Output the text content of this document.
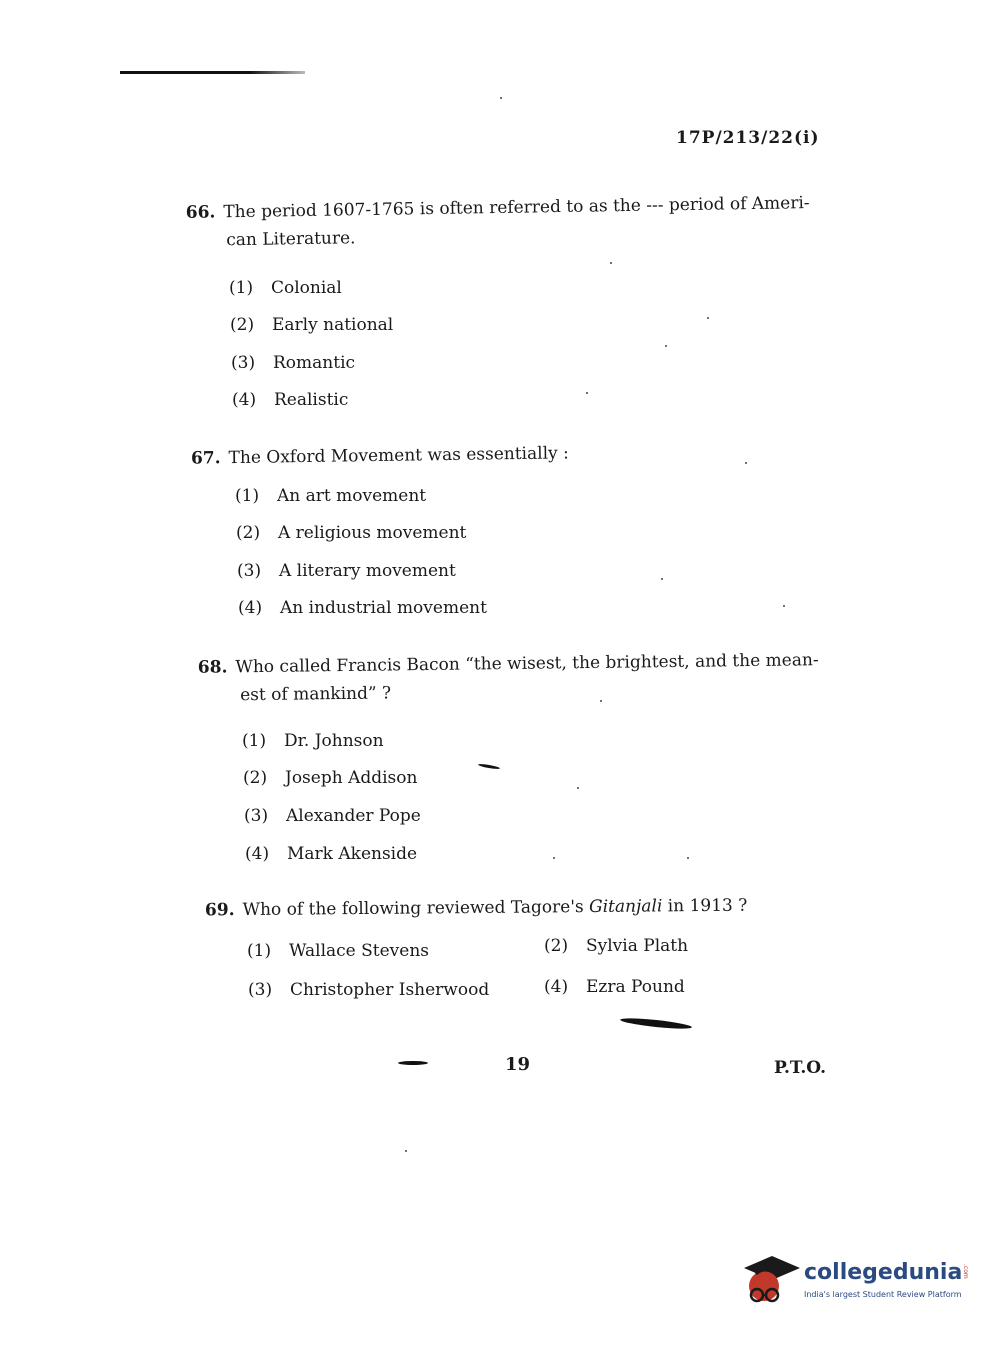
17P/213/22(i)
66. The period 1607-1765 is often referred to as the --- period of Ameri-
can Literature.
(1) Colonial
(2) Early national
(3) Romantic
(4) Realistic
67. The Oxford Movement was essentially :
(1) An art movement
(2) A religious movement
(3) A literary movement
(4) An industrial movement
68. Who called Francis Bacon “the wisest, the brightest, and the mean-
est of mankind” ?
(1) Dr. Johnson
(2) Joseph Addison
(3) Alexander Pope
(4) Mark Akenside
69. Who of the following reviewed Tagore's Gitanjali in 1913 ?
(1) Wallace Stevens	(2) Sylvia Plath
(3) Christopher Isherwood	(4) Ezra Pound
19	P.T.O.
collegedunia .com
India's largest Student Review Platform
